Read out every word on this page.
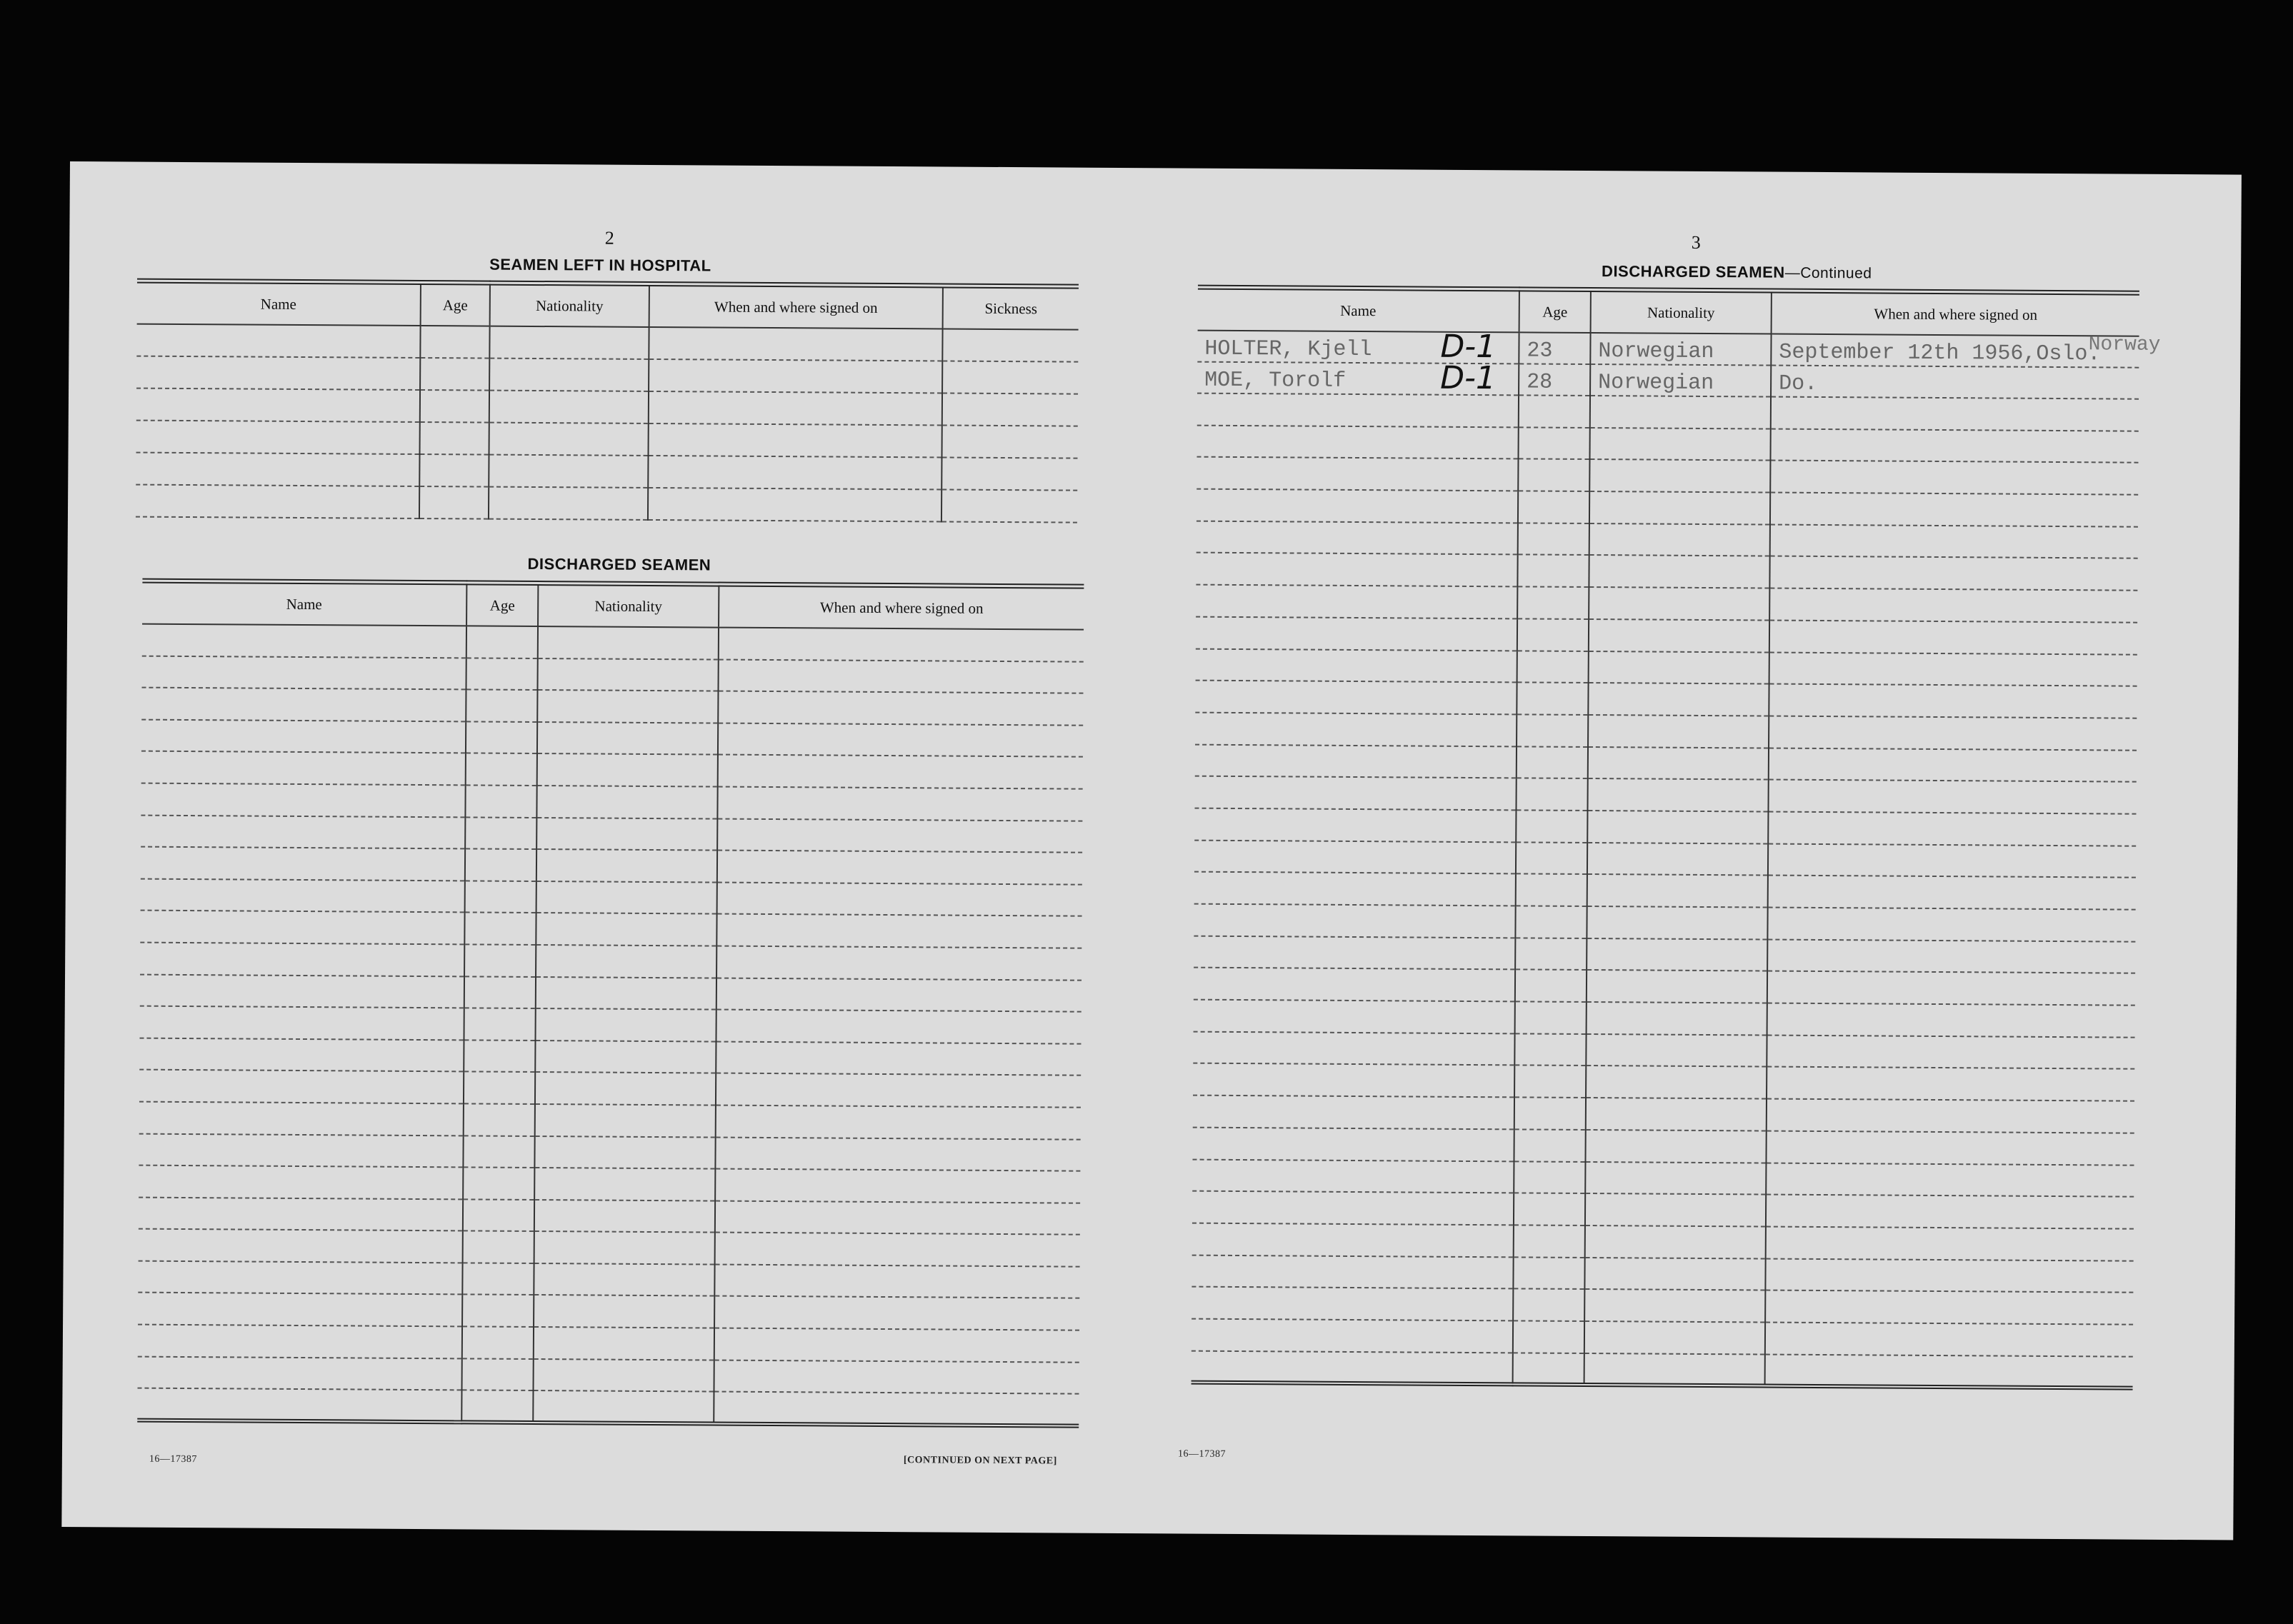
2
SEAMEN LEFT IN HOSPITAL
Name	Age	Nationality	When and where signed on	Sickness

DISCHARGED SEAMEN
Name	Age	Nationality	When and where signed on

16—17387	[CONTINUED ON NEXT PAGE]
3
DISCHARGED SEAMEN—Continued
Name	Age	Nationality	When and where signed on
HOLTER, Kjell D-1	23	Norwegian	September 12th 1956,Oslo.
Norway

MOE, Torolf D-1	28	Norwegian	Do.

16—17387
